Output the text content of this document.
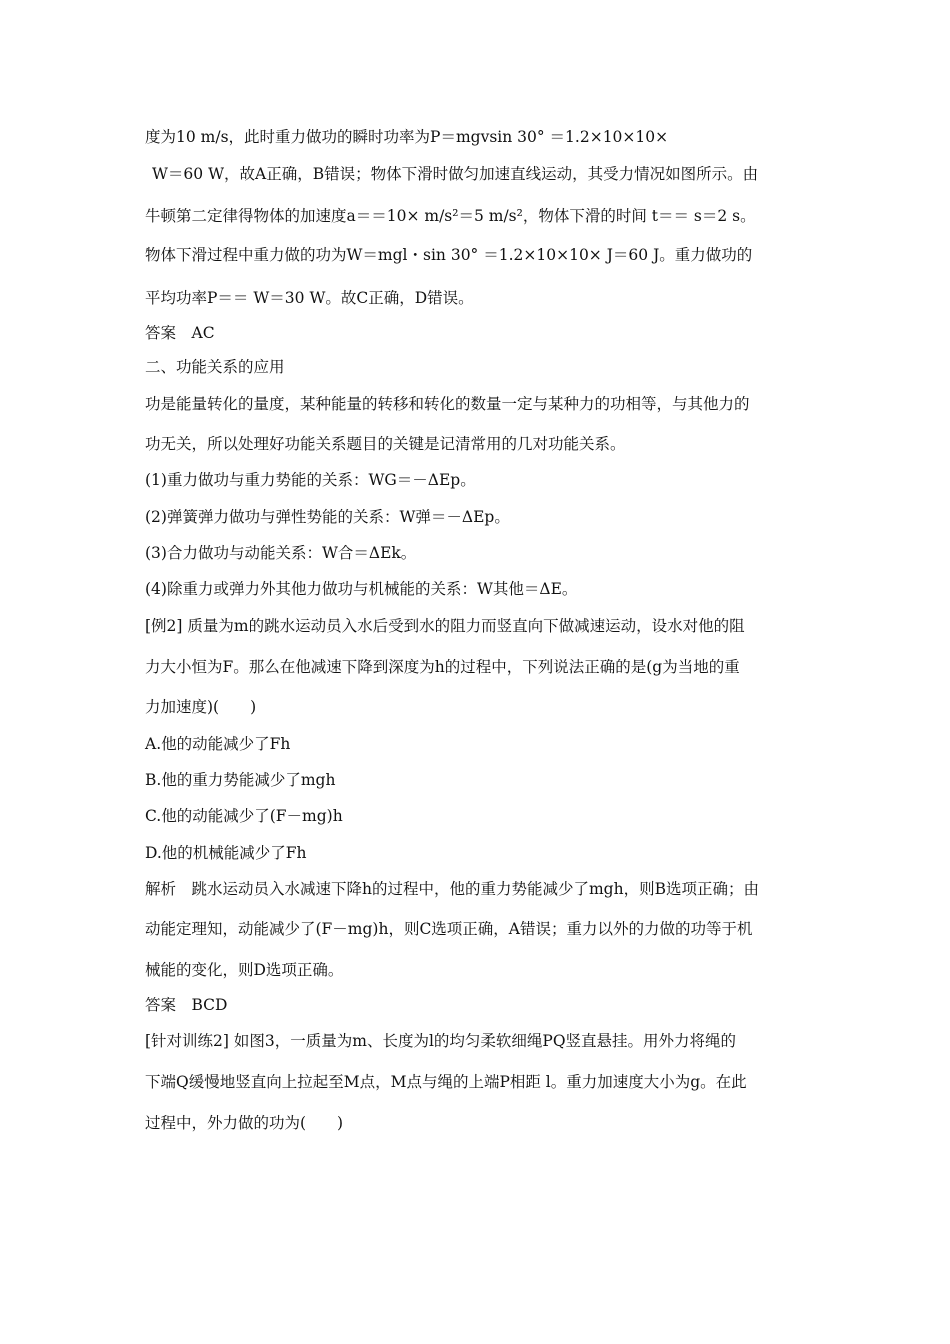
度为10 m/s，此时重力做功的瞬时功率为P＝mgvsin 30° ＝1.2×10×10×
W＝60 W，故A正确，B错误；物体下滑时做匀加速直线运动，其受力情况如图所示。由
牛顿第二定律得物体的加速度a＝＝10× m/s²＝5 m/s²，物体下滑的时间 t＝＝ s＝2 s。
物体下滑过程中重力做的功为W＝mgl・sin 30° ＝1.2×10×10× J＝60 J。重力做功的
平均功率P＝＝ W＝30 W。故C正确，D错误。
答案　AC
二、功能关系的应用
功是能量转化的量度，某种能量的转移和转化的数量一定与某种力的功相等，与其他力的
功无关，所以处理好功能关系题目的关键是记清常用的几对功能关系。
(1)重力做功与重力势能的关系：WG＝－ΔEp。
(2)弹簧弹力做功与弹性势能的关系：W弹＝－ΔEp。
(3)合力做功与动能关系：W合＝ΔEk。
(4)除重力或弹力外其他力做功与机械能的关系：W其他＝ΔE。
[例2] 质量为m的跳水运动员入水后受到水的阻力而竖直向下做减速运动，设水对他的阻
力大小恒为F。那么在他减速下降到深度为h的过程中，下列说法正确的是(g为当地的重
力加速度)(　　)
A.他的动能减少了Fh
B.他的重力势能减少了mgh
C.他的动能减少了(F－mg)h
D.他的机械能减少了Fh
解析　跳水运动员入水减速下降h的过程中，他的重力势能减少了mgh，则B选项正确；由
动能定理知，动能减少了(F－mg)h，则C选项正确，A错误；重力以外的力做的功等于机
械能的变化，则D选项正确。
答案　BCD
[针对训练2] 如图3，一质量为m、长度为l的均匀柔软细绳PQ竖直悬挂。用外力将绳的
下端Q缓慢地竖直向上拉起至M点，M点与绳的上端P相距 l。重力加速度大小为g。在此
过程中，外力做的功为(　　)
